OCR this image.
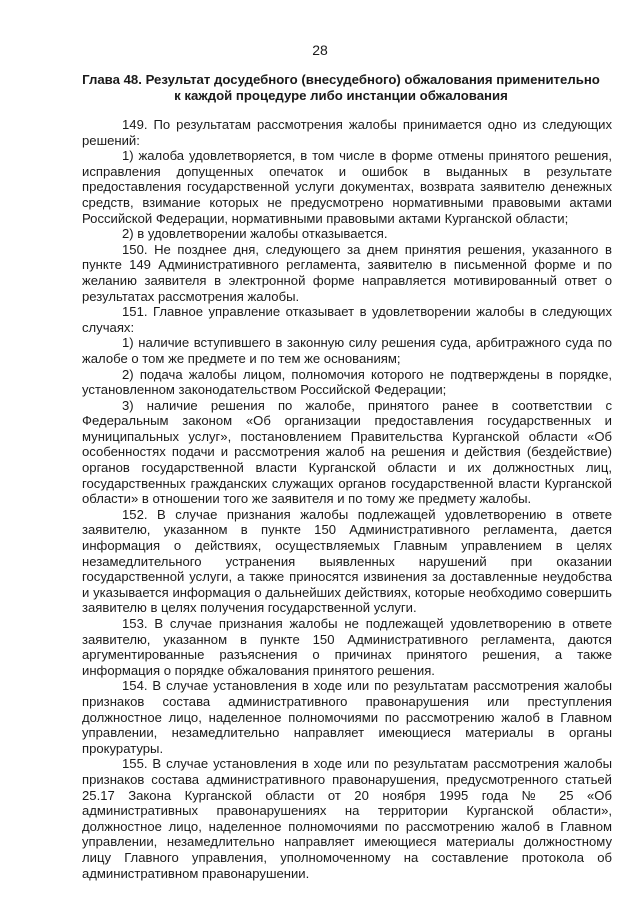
28
Глава 48. Результат досудебного (внесудебного) обжалования применительно к каждой процедуре либо инстанции обжалования

149. По результатам рассмотрения жалобы принимается одно из следующих решений:

1) жалоба удовлетворяется, в том числе в форме отмены принятого решения, исправления допущенных опечаток и ошибок в выданных в результате предоставления государственной услуги документах, возврата заявителю денежных средств, взимание которых не предусмотрено нормативными правовыми актами Российской Федерации, нормативными правовыми актами Курганской области;

2) в удовлетворении жалобы отказывается.

150. Не позднее дня, следующего за днем принятия решения, указанного в пункте 149 Административного регламента, заявителю в письменной форме и по желанию заявителя в электронной форме направляется мотивированный ответ о результатах рассмотрения жалобы.

151. Главное управление отказывает в удовлетворении жалобы в следующих случаях:

1) наличие вступившего в законную силу решения суда, арбитражного суда по жалобе о том же предмете и по тем же основаниям;

2) подача жалобы лицом, полномочия которого не подтверждены в порядке, установленном законодательством Российской Федерации;

3) наличие решения по жалобе, принятого ранее в соответствии с Федеральным законом «Об организации предоставления государственных и муниципальных услуг», постановлением Правительства Курганской области «Об особенностях подачи и рассмотрения жалоб на решения и действия (бездействие) органов государственной власти Курганской области и их должностных лиц, государственных гражданских служащих органов государственной власти Курганской области» в отношении того же заявителя и по тому же предмету жалобы.

152. В случае признания жалобы подлежащей удовлетворению в ответе заявителю, указанном в пункте 150 Административного регламента, дается информация о действиях, осуществляемых Главным управлением в целях незамедлительного устранения выявленных нарушений при оказании государственной услуги, а также приносятся извинения за доставленные неудобства и указывается информация о дальнейших действиях, которые необходимо совершить заявителю в целях получения государственной услуги.

153. В случае признания жалобы не подлежащей удовлетворению в ответе заявителю, указанном в пункте 150 Административного регламента, даются аргументированные разъяснения о причинах принятого решения, а также информация о порядке обжалования принятого решения.

154. В случае установления в ходе или по результатам рассмотрения жалобы признаков состава административного правонарушения или преступления должностное лицо, наделенное полномочиями по рассмотрению жалоб в Главном управлении, незамедлительно направляет имеющиеся материалы в органы прокуратуры.

155. В случае установления в ходе или по результатам рассмотрения жалобы признаков состава административного правонарушения, предусмотренного статьей 25.17 Закона Курганской области от 20 ноября 1995 года № 25 «Об административных правонарушениях на территории Курганской области», должностное лицо, наделенное полномочиями по рассмотрению жалоб в Главном управлении, незамедлительно направляет имеющиеся материалы должностному лицу Главного управления, уполномоченному на составление протокола об административном правонарушении.
